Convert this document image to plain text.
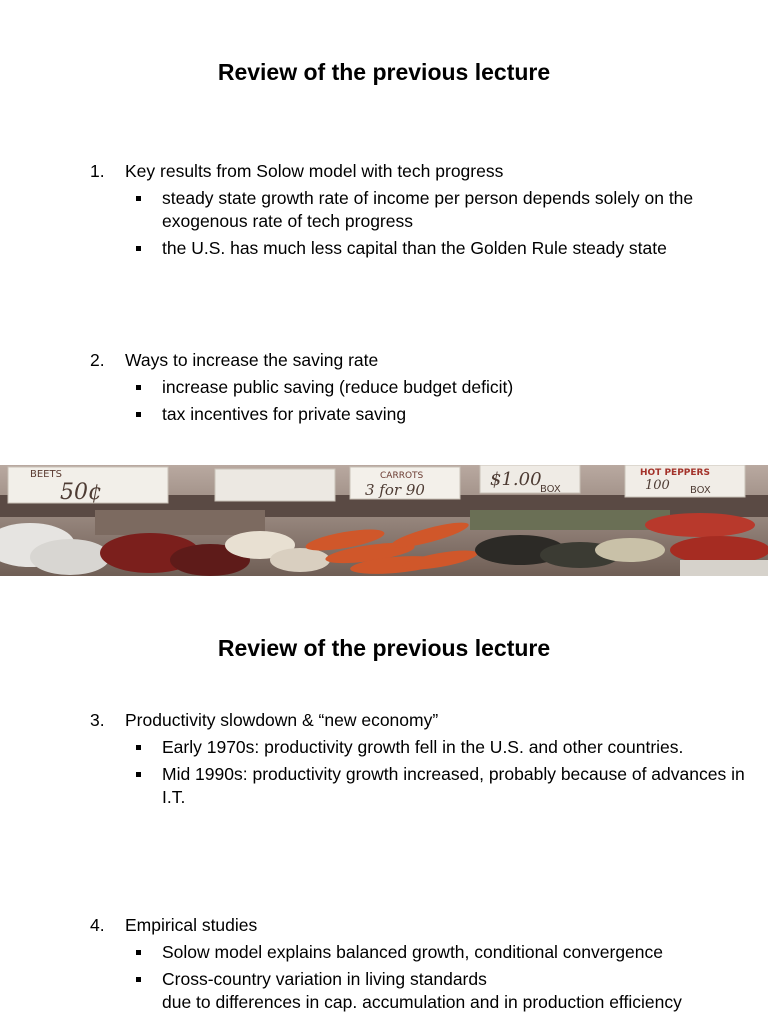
Review of the previous lecture
1.	Key results from Solow model with tech progress
steady state growth rate of income per person depends solely on the exogenous rate of tech progress
the U.S. has much less capital than the Golden Rule steady state
2.	Ways to increase the saving rate
increase public saving (reduce budget deficit)
tax incentives for private saving
BEETS
50¢
CARROTS
3 for 90	$1.00
BOX
HOT PEPPERS
100 BOX
Review of the previous lecture
3.	Productivity slowdown & “new economy”
Early 1970s: productivity growth fell in the U.S. and other countries.
Mid 1990s: productivity growth increased, probably because of advances in I.T.
4.	Empirical studies
Solow model explains balanced growth, conditional convergence
Cross-country variation in living standards
due to differences in cap. accumulation and in production efficiency
